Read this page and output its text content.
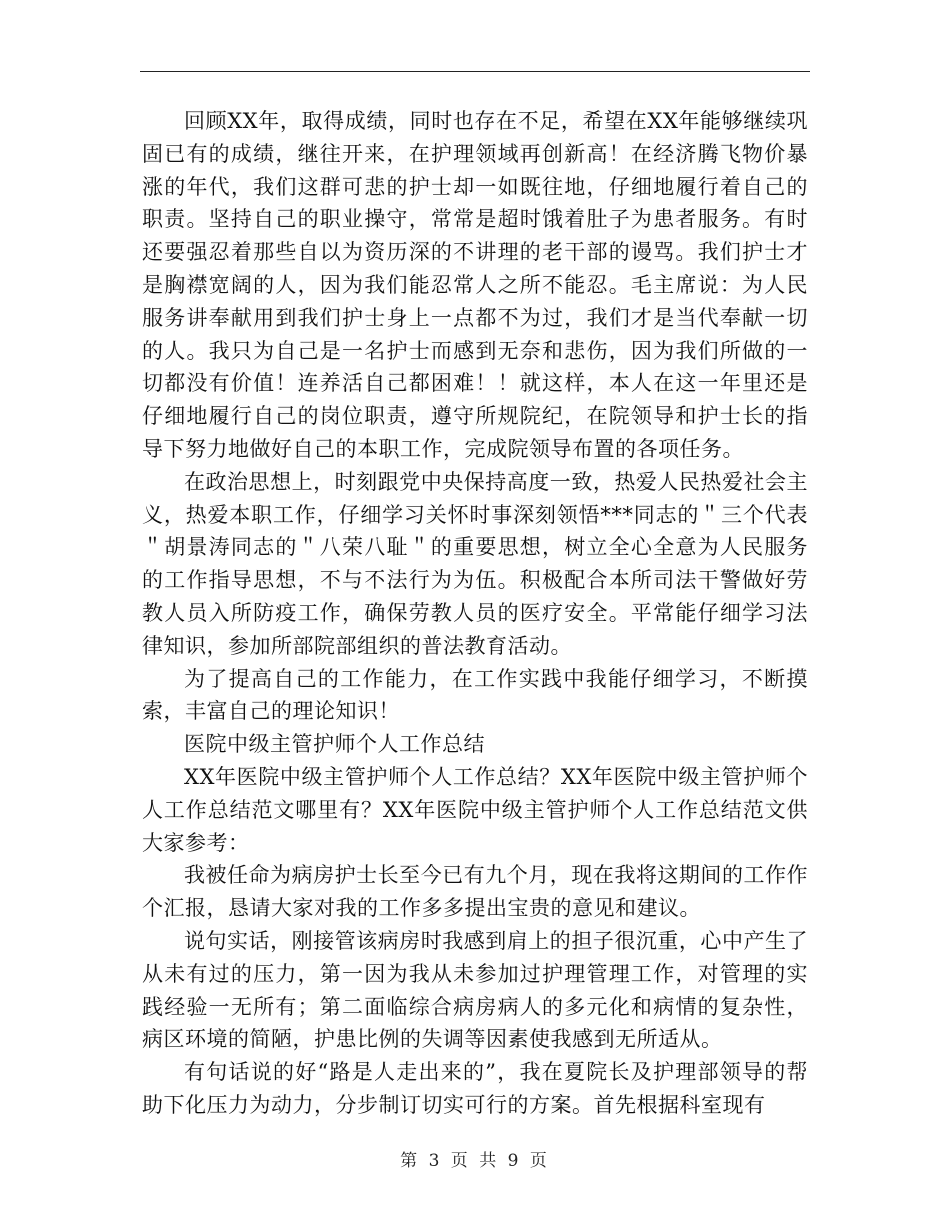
回顾XX年，取得成绩，同时也存在不足，希望在XX年能够继续巩固已有的成绩，继往开来，在护理领域再创新高！在经济腾飞物价暴涨的年代，我们这群可悲的护士却一如既往地，仔细地履行着自己的职责。坚持自己的职业操守，常常是超时饿着肚子为患者服务。有时还要强忍着那些自以为资历深的不讲理的老干部的谩骂。我们护士才是胸襟宽阔的人，因为我们能忍常人之所不能忍。毛主席说：为人民服务讲奉献用到我们护士身上一点都不为过，我们才是当代奉献一切的人。我只为自己是一名护士而感到无奈和悲伤，因为我们所做的一切都没有价值！连养活自己都困难！！就这样，本人在这一年里还是仔细地履行自己的岗位职责，遵守所规院纪，在院领导和护士长的指导下努力地做好自己的本职工作，完成院领导布置的各项任务。

在政治思想上，时刻跟党中央保持高度一致，热爱人民热爱社会主义，热爱本职工作，仔细学习关怀时事深刻领悟***同志的＂三个代表＂胡景涛同志的＂八荣八耻＂的重要思想，树立全心全意为人民服务的工作指导思想，不与不法行为为伍。积极配合本所司法干警做好劳教人员入所防疫工作，确保劳教人员的医疗安全。平常能仔细学习法律知识，参加所部院部组织的普法教育活动。

为了提高自己的工作能力，在工作实践中我能仔细学习，不断摸索，丰富自己的理论知识！

医院中级主管护师个人工作总结

XX年医院中级主管护师个人工作总结？XX年医院中级主管护师个人工作总结范文哪里有？XX年医院中级主管护师个人工作总结范文供大家参考：

我被任命为病房护士长至今已有九个月，现在我将这期间的工作作个汇报，恳请大家对我的工作多多提出宝贵的意见和建议。

说句实话，刚接管该病房时我感到肩上的担子很沉重，心中产生了从未有过的压力，第一因为我从未参加过护理管理工作，对管理的实践经验一无所有；第二面临综合病房病人的多元化和病情的复杂性，病区环境的简陋，护患比例的失调等因素使我感到无所适从。

有句话说的好“路是人走出来的”，我在夏院长及护理部领导的帮助下化压力为动力，分步制订切实可行的方案。首先根据科室现有

第 3 页 共 9 页
